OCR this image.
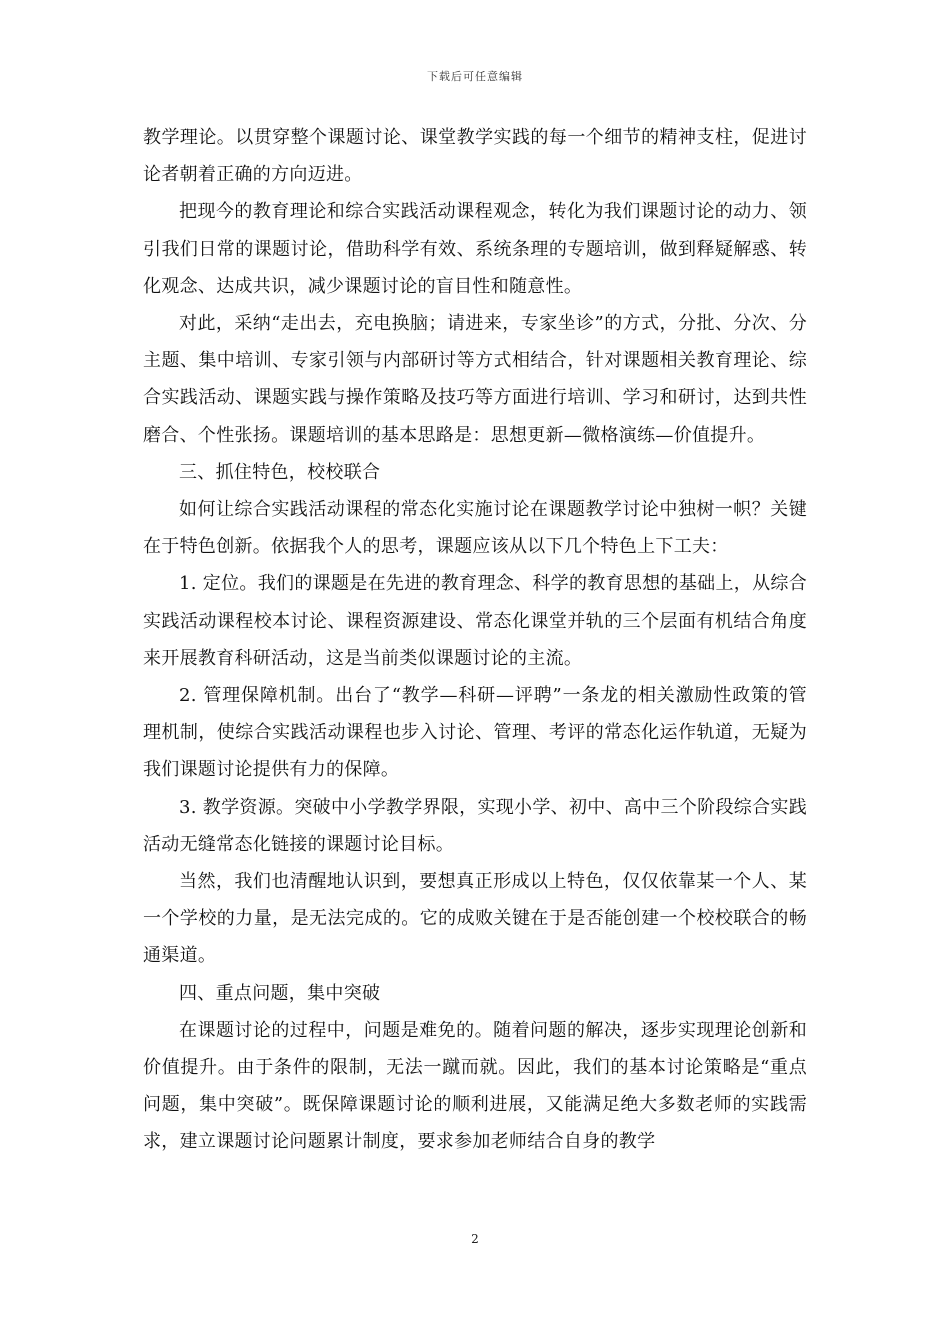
下载后可任意编辑

教学理论。以贯穿整个课题讨论、课堂教学实践的每一个细节的精神支柱，促进讨论者朝着正确的方向迈进。

把现今的教育理论和综合实践活动课程观念，转化为我们课题讨论的动力、领引我们日常的课题讨论，借助科学有效、系统条理的专题培训，做到释疑解惑、转化观念、达成共识，减少课题讨论的盲目性和随意性。

对此，采纳“走出去，充电换脑；请进来，专家坐诊”的方式，分批、分次、分主题、集中培训、专家引领与内部研讨等方式相结合，针对课题相关教育理论、综合实践活动、课题实践与操作策略及技巧等方面进行培训、学习和研讨，达到共性磨合、个性张扬。课题培训的基本思路是：思想更新—微格演练—价值提升。

三、抓住特色，校校联合

如何让综合实践活动课程的常态化实施讨论在课题教学讨论中独树一帜？关键在于特色创新。依据我个人的思考，课题应该从以下几个特色上下工夫：

1. 定位。我们的课题是在先进的教育理念、科学的教育思想的基础上，从综合实践活动课程校本讨论、课程资源建设、常态化课堂并轨的三个层面有机结合角度来开展教育科研活动，这是当前类似课题讨论的主流。

2. 管理保障机制。出台了“教学—科研—评聘”一条龙的相关激励性政策的管理机制，使综合实践活动课程也步入讨论、管理、考评的常态化运作轨道，无疑为我们课题讨论提供有力的保障。

3. 教学资源。突破中小学教学界限，实现小学、初中、高中三个阶段综合实践活动无缝常态化链接的课题讨论目标。

当然，我们也清醒地认识到，要想真正形成以上特色，仅仅依靠某一个人、某一个学校的力量，是无法完成的。它的成败关键在于是否能创建一个校校联合的畅通渠道。

四、重点问题，集中突破

在课题讨论的过程中，问题是难免的。随着问题的解决，逐步实现理论创新和价值提升。由于条件的限制，无法一蹴而就。因此，我们的基本讨论策略是“重点问题，集中突破”。既保障课题讨论的顺利进展，又能满足绝大多数老师的实践需求，建立课题讨论问题累计制度，要求参加老师结合自身的教学

2
